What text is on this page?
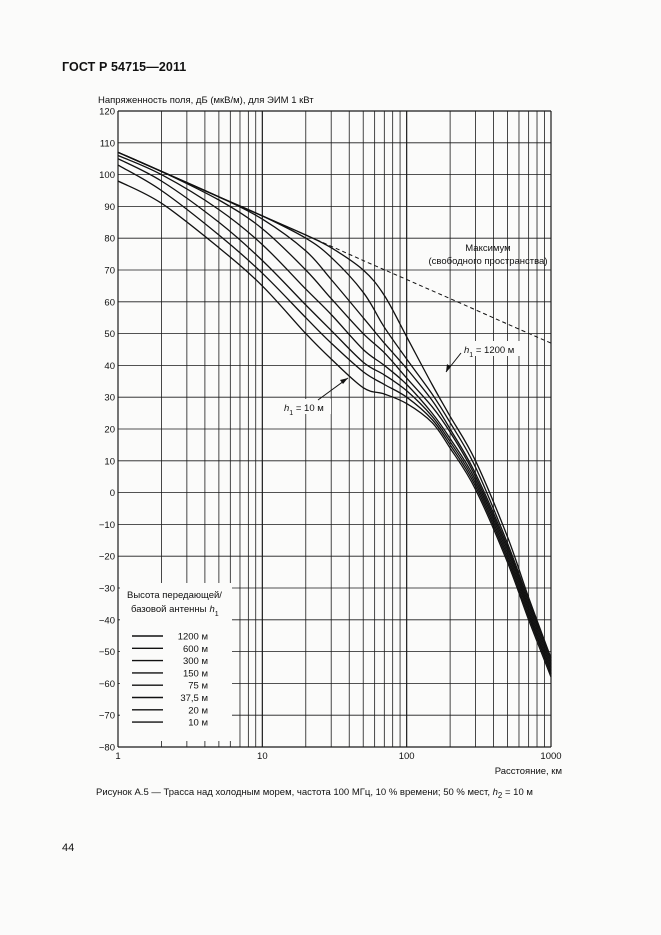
ГОСТ Р 54715—2011
Напряженность поля, дБ (мкВ/м), для ЭИМ 1 кВт
120
110
100
90
80
70
60
50
40
30
20
10
0
−10
−20
−30
−40
−50
−60
−70
−80
1	10	100	1000
Расстояние, км
Максимум
(свободного пространства)
$h_1 = 1200$ м
$h_1 = 10$ м
Высота передающей/
базовой антенны $h_1$
1200 м
600 м
300 м
150 м
75 м
37,5 м
20 м
10 м
Рисунок А.5 — Трасса над холодным морем, частота 100 МГц, 10 % времени; 50 % мест, $h_2 = 10$ м
44
